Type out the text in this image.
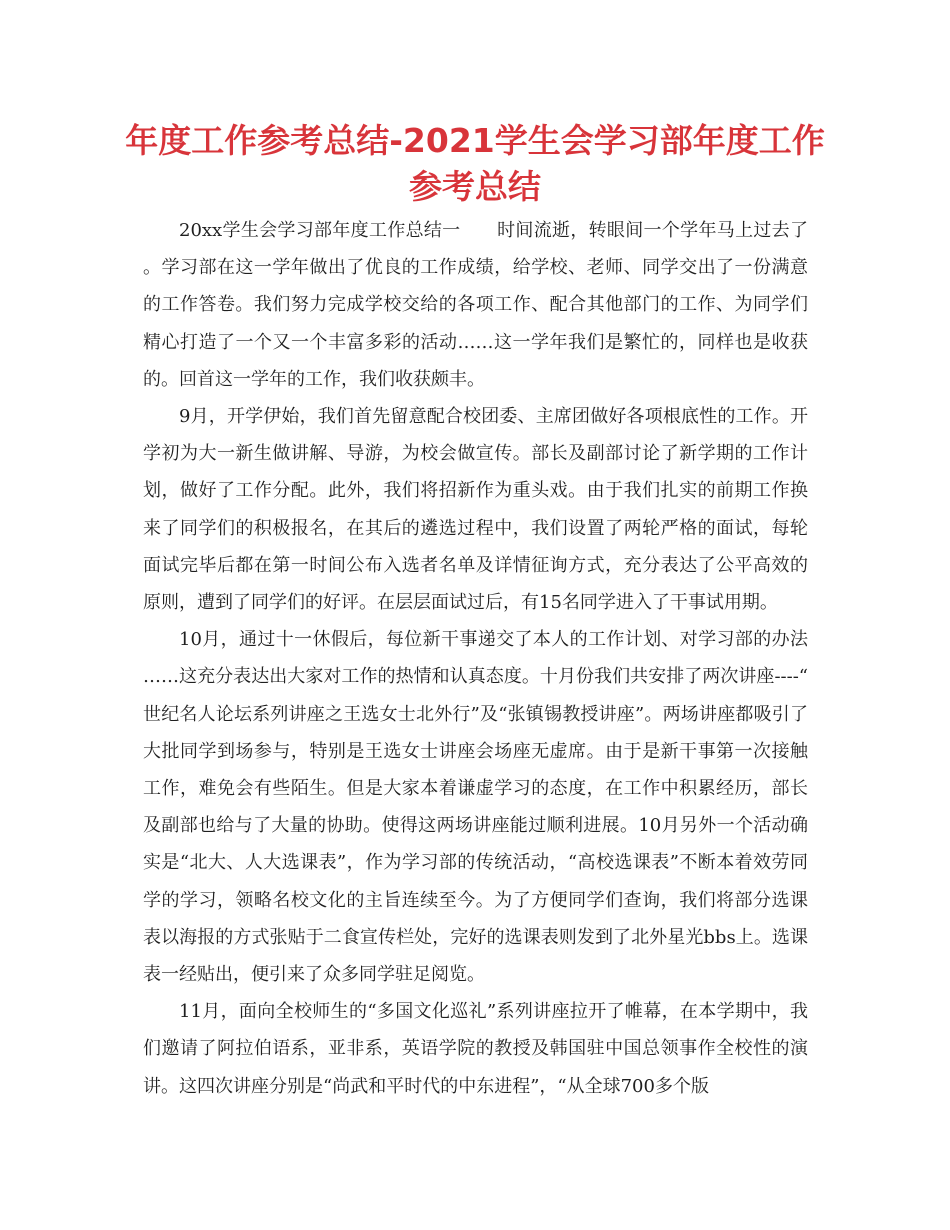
年度工作参考总结-2021学生会学习部年度工作参考总结

20xx学生会学习部年度工作总结一　　时间流逝，转眼间一个学年马上过去了。学习部在这一学年做出了优良的工作成绩，给学校、老师、同学交出了一份满意的工作答卷。我们努力完成学校交给的各项工作、配合其他部门的工作、为同学们精心打造了一个又一个丰富多彩的活动……这一学年我们是繁忙的，同样也是收获的。回首这一学年的工作，我们收获颇丰。

9月，开学伊始，我们首先留意配合校团委、主席团做好各项根底性的工作。开学初为大一新生做讲解、导游，为校会做宣传。部长及副部讨论了新学期的工作计划，做好了工作分配。此外，我们将招新作为重头戏。由于我们扎实的前期工作换来了同学们的积极报名，在其后的遴选过程中，我们设置了两轮严格的面试，每轮面试完毕后都在第一时间公布入选者名单及详情征询方式，充分表达了公平高效的原则，遭到了同学们的好评。在层层面试过后，有15名同学进入了干事试用期。

10月，通过十一休假后，每位新干事递交了本人的工作计划、对学习部的办法……这充分表达出大家对工作的热情和认真态度。十月份我们共安排了两次讲座----“世纪名人论坛系列讲座之王选女士北外行”及“张镇锡教授讲座”。两场讲座都吸引了大批同学到场参与，特别是王选女士讲座会场座无虚席。由于是新干事第一次接触工作，难免会有些陌生。但是大家本着谦虚学习的态度，在工作中积累经历，部长及副部也给与了大量的协助。使得这两场讲座能过顺利进展。10月另外一个活动确实是“北大、人大选课表”，作为学习部的传统活动，“高校选课表”不断本着效劳同学的学习，领略名校文化的主旨连续至今。为了方便同学们查询，我们将部分选课表以海报的方式张贴于二食宣传栏处，完好的选课表则发到了北外星光bbs上。选课表一经贴出，便引来了众多同学驻足阅览。

11月，面向全校师生的“多国文化巡礼”系列讲座拉开了帷幕，在本学期中，我们邀请了阿拉伯语系，亚非系，英语学院的教授及韩国驻中国总领事作全校性的演讲。这四次讲座分别是“尚武和平时代的中东进程”，“从全球700多个版
